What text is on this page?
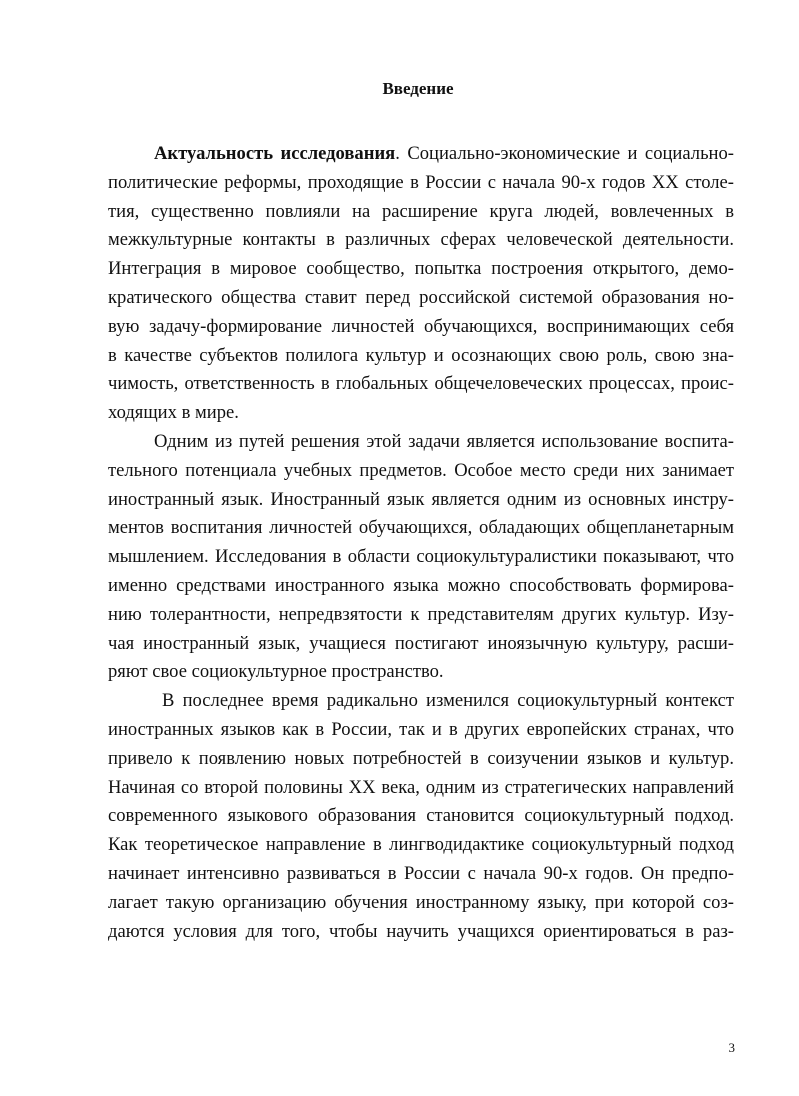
Введение
Актуальность исследования. Социально-экономические и социально-
политические реформы, проходящие в России с начала 90-х годов XX столе-
тия, существенно повлияли на расширение круга людей, вовлеченных в
межкультурные контакты в различных сферах человеческой деятельности.
Интеграция в мировое сообщество, попытка построения открытого, демо-
кратического общества ставит перед российской системой образования но-
вую задачу-формирование личностей обучающихся, воспринимающих себя
в качестве субъектов полилога культур и осознающих свою роль, свою зна-
чимость, ответственность в глобальных общечеловеческих процессах, проис-
ходящих в мире.
Одним из путей решения этой задачи является использование воспита-
тельного потенциала учебных предметов. Особое место среди них занимает
иностранный язык. Иностранный язык является одним из основных инстру-
ментов воспитания личностей обучающихся, обладающих общепланетарным
мышлением. Исследования в области социокультуралистики показывают, что
именно средствами иностранного языка можно способствовать формирова-
нию толерантности, непредвзятости к представителям других культур. Изу-
чая иностранный язык, учащиеся постигают иноязычную культуру, расши-
ряют свое социокультурное пространство.
В последнее время радикально изменился социокультурный контекст
иностранных языков как в России, так и в других европейских странах, что
привело к появлению новых потребностей в соизучении языков и культур.
Начиная со второй половины XX века, одним из стратегических направлений
современного языкового образования становится социокультурный подход.
Как теоретическое направление в лингводидактике социокультурный подход
начинает интенсивно развиваться в России с начала 90-х годов. Он предпо-
лагает такую организацию обучения иностранному языку, при которой соз-
даются условия для того, чтобы научить учащихся ориентироваться в раз-
3
